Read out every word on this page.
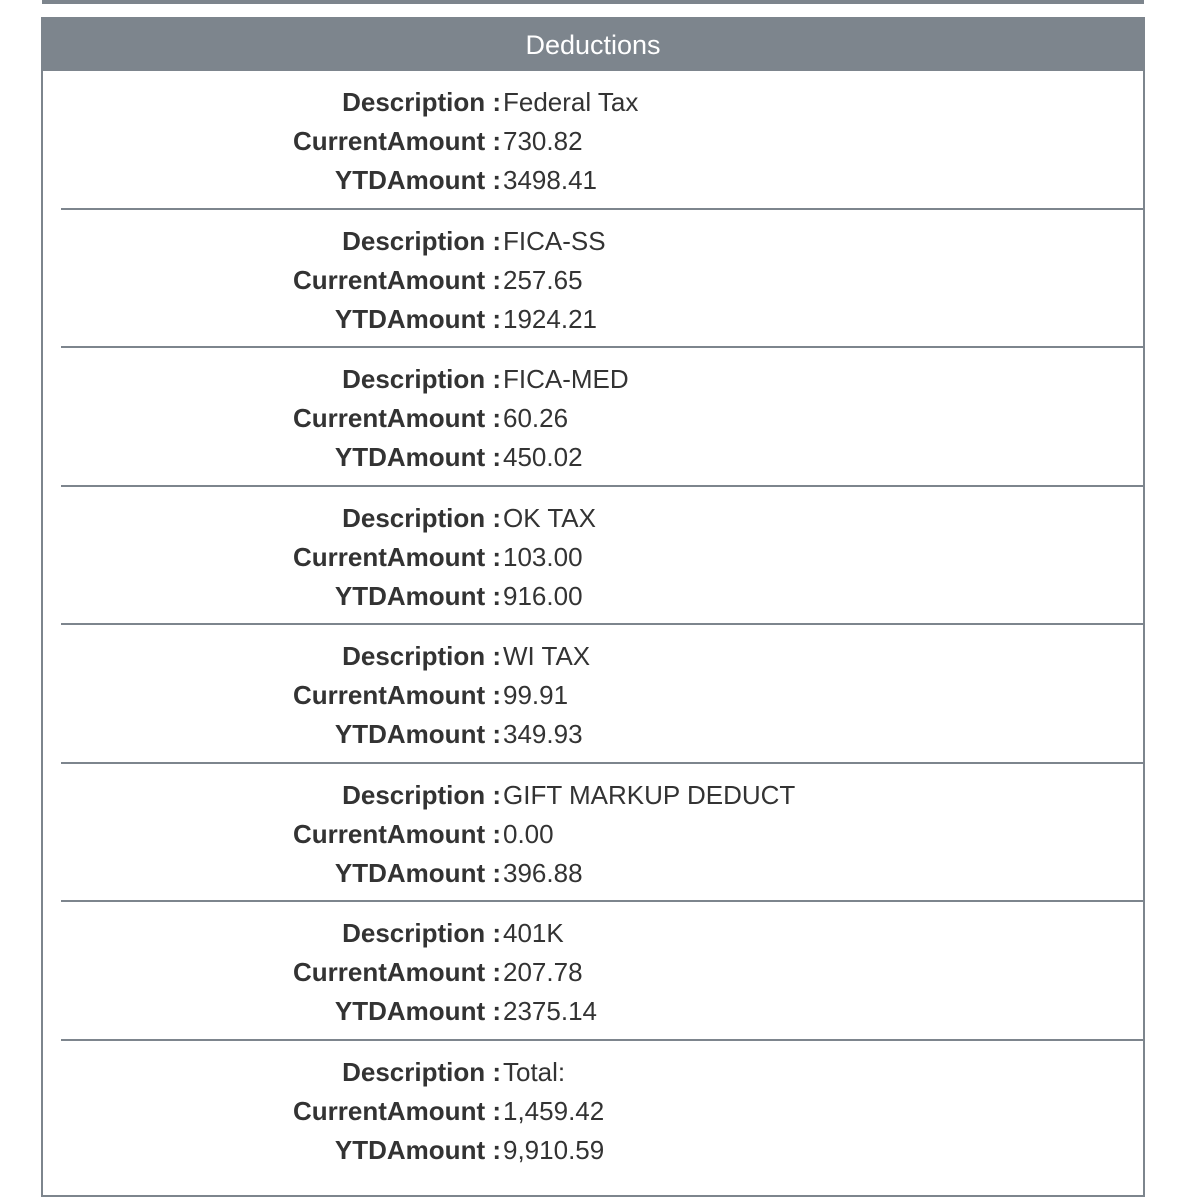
Deductions
Description : Federal Tax
CurrentAmount : 730.82
YTDAmount : 3498.41
Description : FICA-SS
CurrentAmount : 257.65
YTDAmount : 1924.21
Description : FICA-MED
CurrentAmount : 60.26
YTDAmount : 450.02
Description : OK TAX
CurrentAmount : 103.00
YTDAmount : 916.00
Description : WI TAX
CurrentAmount : 99.91
YTDAmount : 349.93
Description : GIFT MARKUP DEDUCT
CurrentAmount : 0.00
YTDAmount : 396.88
Description : 401K
CurrentAmount : 207.78
YTDAmount : 2375.14
Description : Total:
CurrentAmount : 1,459.42
YTDAmount : 9,910.59
